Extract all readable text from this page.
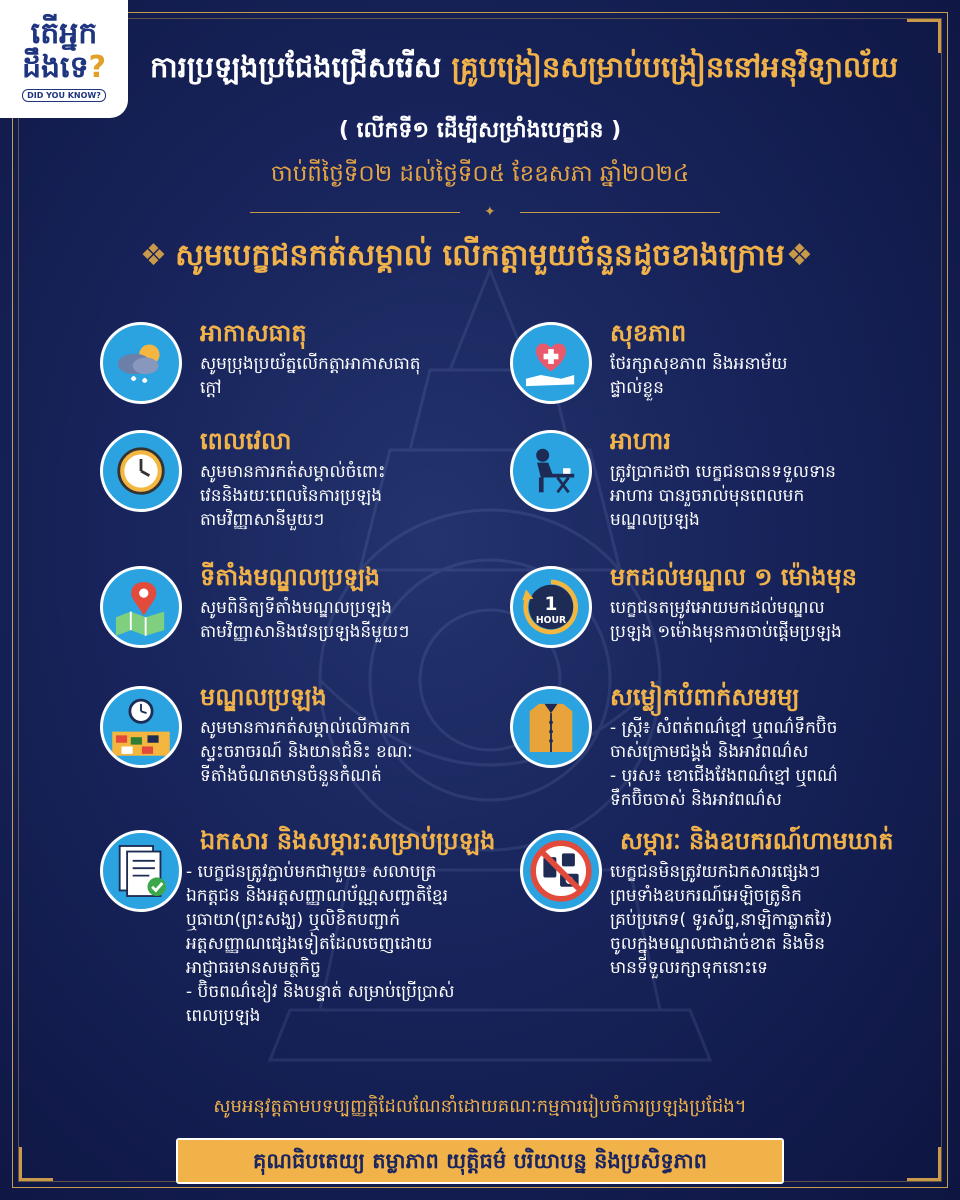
តើអ្នក
ដឹងទេ?
DID YOU KNOW?
ការប្រឡងប្រជែងជ្រើសរើស គ្រូបង្រៀនសម្រាប់បង្រៀននៅអនុវិទ្យាល័យ
( លើកទី១ ដើម្បីសម្រាំងបេក្ខជន )
ចាប់ពីថ្ងៃទី០២ ដល់ថ្ងៃទី០៥ ខែឧសភា ឆ្នាំ២០២៤
✦
❖ សូមបេក្ខជនកត់សម្គាល់ លើកត្តាមួយចំនួនដូចខាងក្រោម ❖
អាកាសធាតុ
សូមប្រុងប្រយ័ត្នលើកត្តាអាកាសធាតុ
ក្តៅ
សុខភាព
ថែរក្សាសុខភាព និងអនាម័យ
ផ្ទាល់ខ្លួន
ពេលវេលា
សូមមានការកត់សម្គាល់ចំពោះ
វេននិងរយៈពេលនៃការប្រឡង
តាមវិញ្ញាសានីមួយៗ
អាហារ
ត្រូវប្រាកដថា បេក្ខជនបានទទួលទាន
អាហារ បានរួចរាល់មុនពេលមក
មណ្ឌលប្រឡង
ទីតាំងមណ្ឌលប្រឡង
សូមពិនិត្យទីតាំងមណ្ឌលប្រឡង
តាមវិញ្ញាសានិងវេនប្រឡងនីមួយៗ
1
HOUR
មកដល់មណ្ឌល ១ ម៉ោងមុន
បេក្ខជនតម្រូវអោយមកដល់មណ្ឌល
ប្រឡង ១ម៉ោងមុនការចាប់ផ្តើមប្រឡង
មណ្ឌលប្រឡង
សូមមានការកត់សម្គាល់លើការកក
ស្ទះចរាចរណ៍ និងយានជំនិះ ខណៈ
ទីតាំងចំណតមានចំនួនកំណត់
សម្លៀកបំពាក់សមរម្យ
- ស្ត្រី៖ សំពត់ពណ៌ខ្មៅ ឬពណ៌ទឹកប៊ិច
ចាស់ក្រោមជង្គង់ និងអាវពណ៌ស
- បុរស៖ ខោជើងវែងពណ៌ខ្មៅ ឬពណ៌
ទឹកប៊ិចចាស់ និងអាវពណ៌ស
ឯកសារ និងសម្ភារៈសម្រាប់ប្រឡង
- បេក្ខជនត្រូវភ្ជាប់មកជាមួយ៖ សលាបត្រ
ឯកត្តជន និងអត្តសញ្ញាណប័ណ្ណសញ្ជាតិខ្មែរ
ឬធាយា(ព្រះសង្ឃ) ឬលិខិតបញ្ជាក់
អត្តសញ្ញាណផ្សេងទៀតដែលចេញដោយ
អាជ្ញាធរមានសមត្ថកិច្ច
- ប៊ិចពណ៌ខៀវ និងបន្ទាត់ សម្រាប់ប្រើប្រាស់
ពេលប្រឡង
សម្ភារៈ និងឧបករណ៍ហាមឃាត់
បេក្ខជនមិនត្រូវយកឯកសារផ្សេងៗ
ព្រមទាំងឧបករណ៍អេឡិចត្រូនិក
គ្រប់ប្រភេទ( ទូរស័ព្ទ,នាឡិកាឆ្លាតវៃ)
ចូលក្នុងមណ្ឌលជាដាច់ខាត និងមិន
មានទីទួលរក្សាទុកនោះទេ
សូមអនុវត្តតាមបទប្បញ្ញត្តិដែលណែនាំដោយគណៈកម្មការរៀបចំការប្រឡងប្រជែង។
គុណធិបតេយ្យ តម្លាភាព យុត្តិធម៌ បរិយាបន្ន និងប្រសិទ្ធភាព
